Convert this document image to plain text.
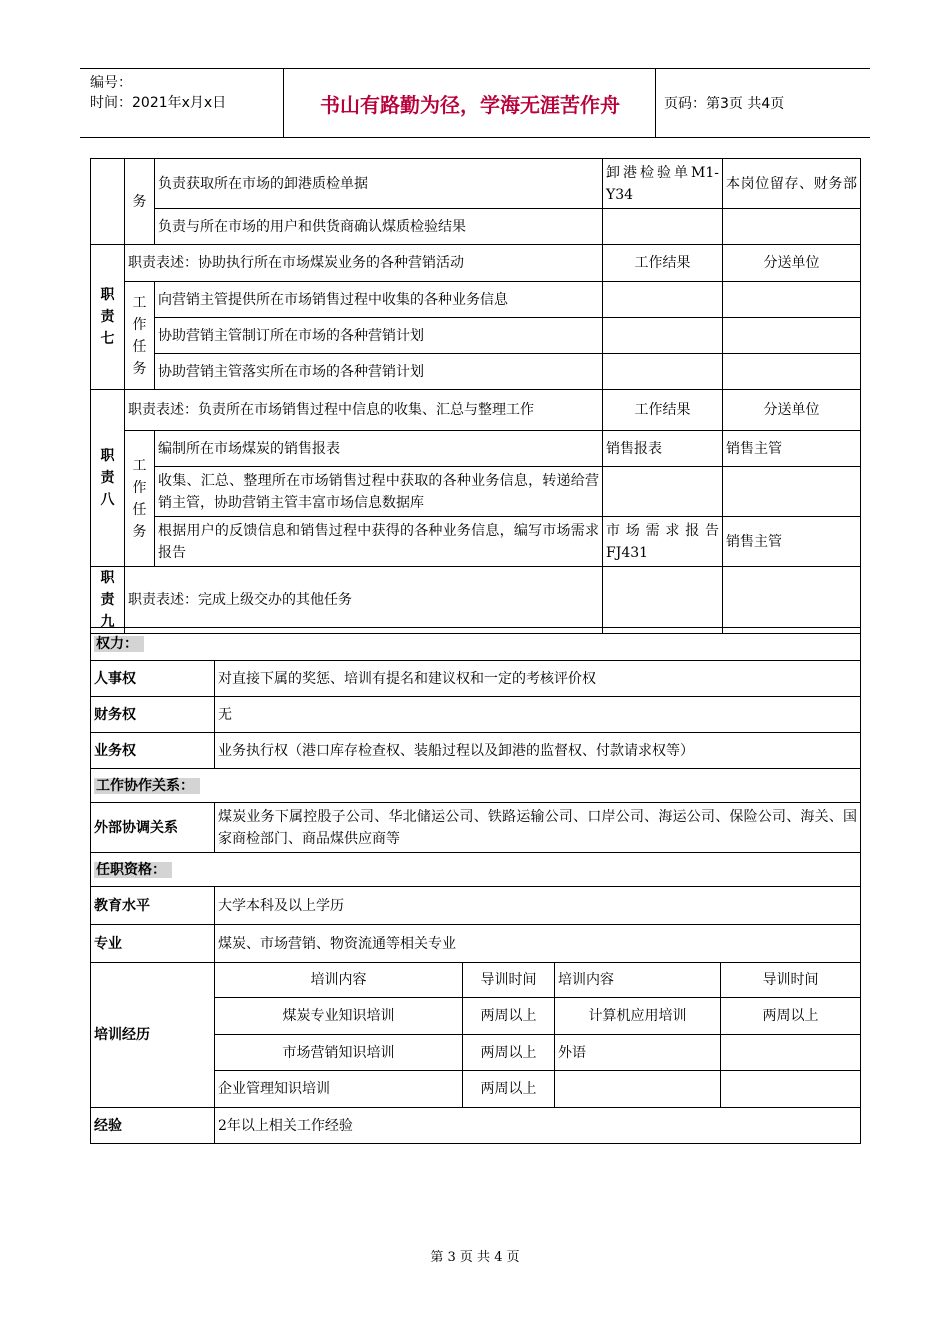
编号：
时间：2021年x月x日	书山有路勤为径，学海无涯苦作舟	页码：第3页 共4页
	务	负责获取所在市场的卸港质检单据	卸港检验单M1-Y34	本岗位留存、财务部
		负责与所在市场的用户和供货商确认煤质检验结果		
职责七	职责表述：协助执行所在市场煤炭业务的各种营销活动		工作结果	分送单位
	工作任务	向营销主管提供所在市场销售过程中收集的各种业务信息		
		协助营销主管制订所在市场的各种营销计划		
		协助营销主管落实所在市场的各种营销计划		
职责八	职责表述：负责所在市场销售过程中信息的收集、汇总与整理工作		工作结果	分送单位
	工作任务	编制所在市场煤炭的销售报表	销售报表	销售主管
		收集、汇总、整理所在市场销售过程中获取的各种业务信息，转递给营销主管，协助营销主管丰富市场信息数据库		
		根据用户的反馈信息和销售过程中获得的各种业务信息，编写市场需求报告	市场需求报告FJ431	销售主管
职责九	职责表述：完成上级交办的其他任务			
权力：				
人事权	对直接下属的奖惩、培训有提名和建议权和一定的考核评价权			
财务权	无			
业务权	业务执行权（港口库存检查权、装船过程以及卸港的监督权、付款请求权等）			
工作协作关系：				
外部协调关系	煤炭业务下属控股子公司、华北储运公司、铁路运输公司、口岸公司、海运公司、保险公司、海关、国家商检部门、商品煤供应商等			
任职资格：				
教育水平	大学本科及以上学历			
专业	煤炭、市场营销、物资流通等相关专业			
培训经历	培训内容	导训时间	培训内容	导训时间
	煤炭专业知识培训	两周以上	计算机应用培训	两周以上
	市场营销知识培训	两周以上	外语	
	企业管理知识培训	两周以上		
经验	2年以上相关工作经验			
第 3 页 共 4 页
